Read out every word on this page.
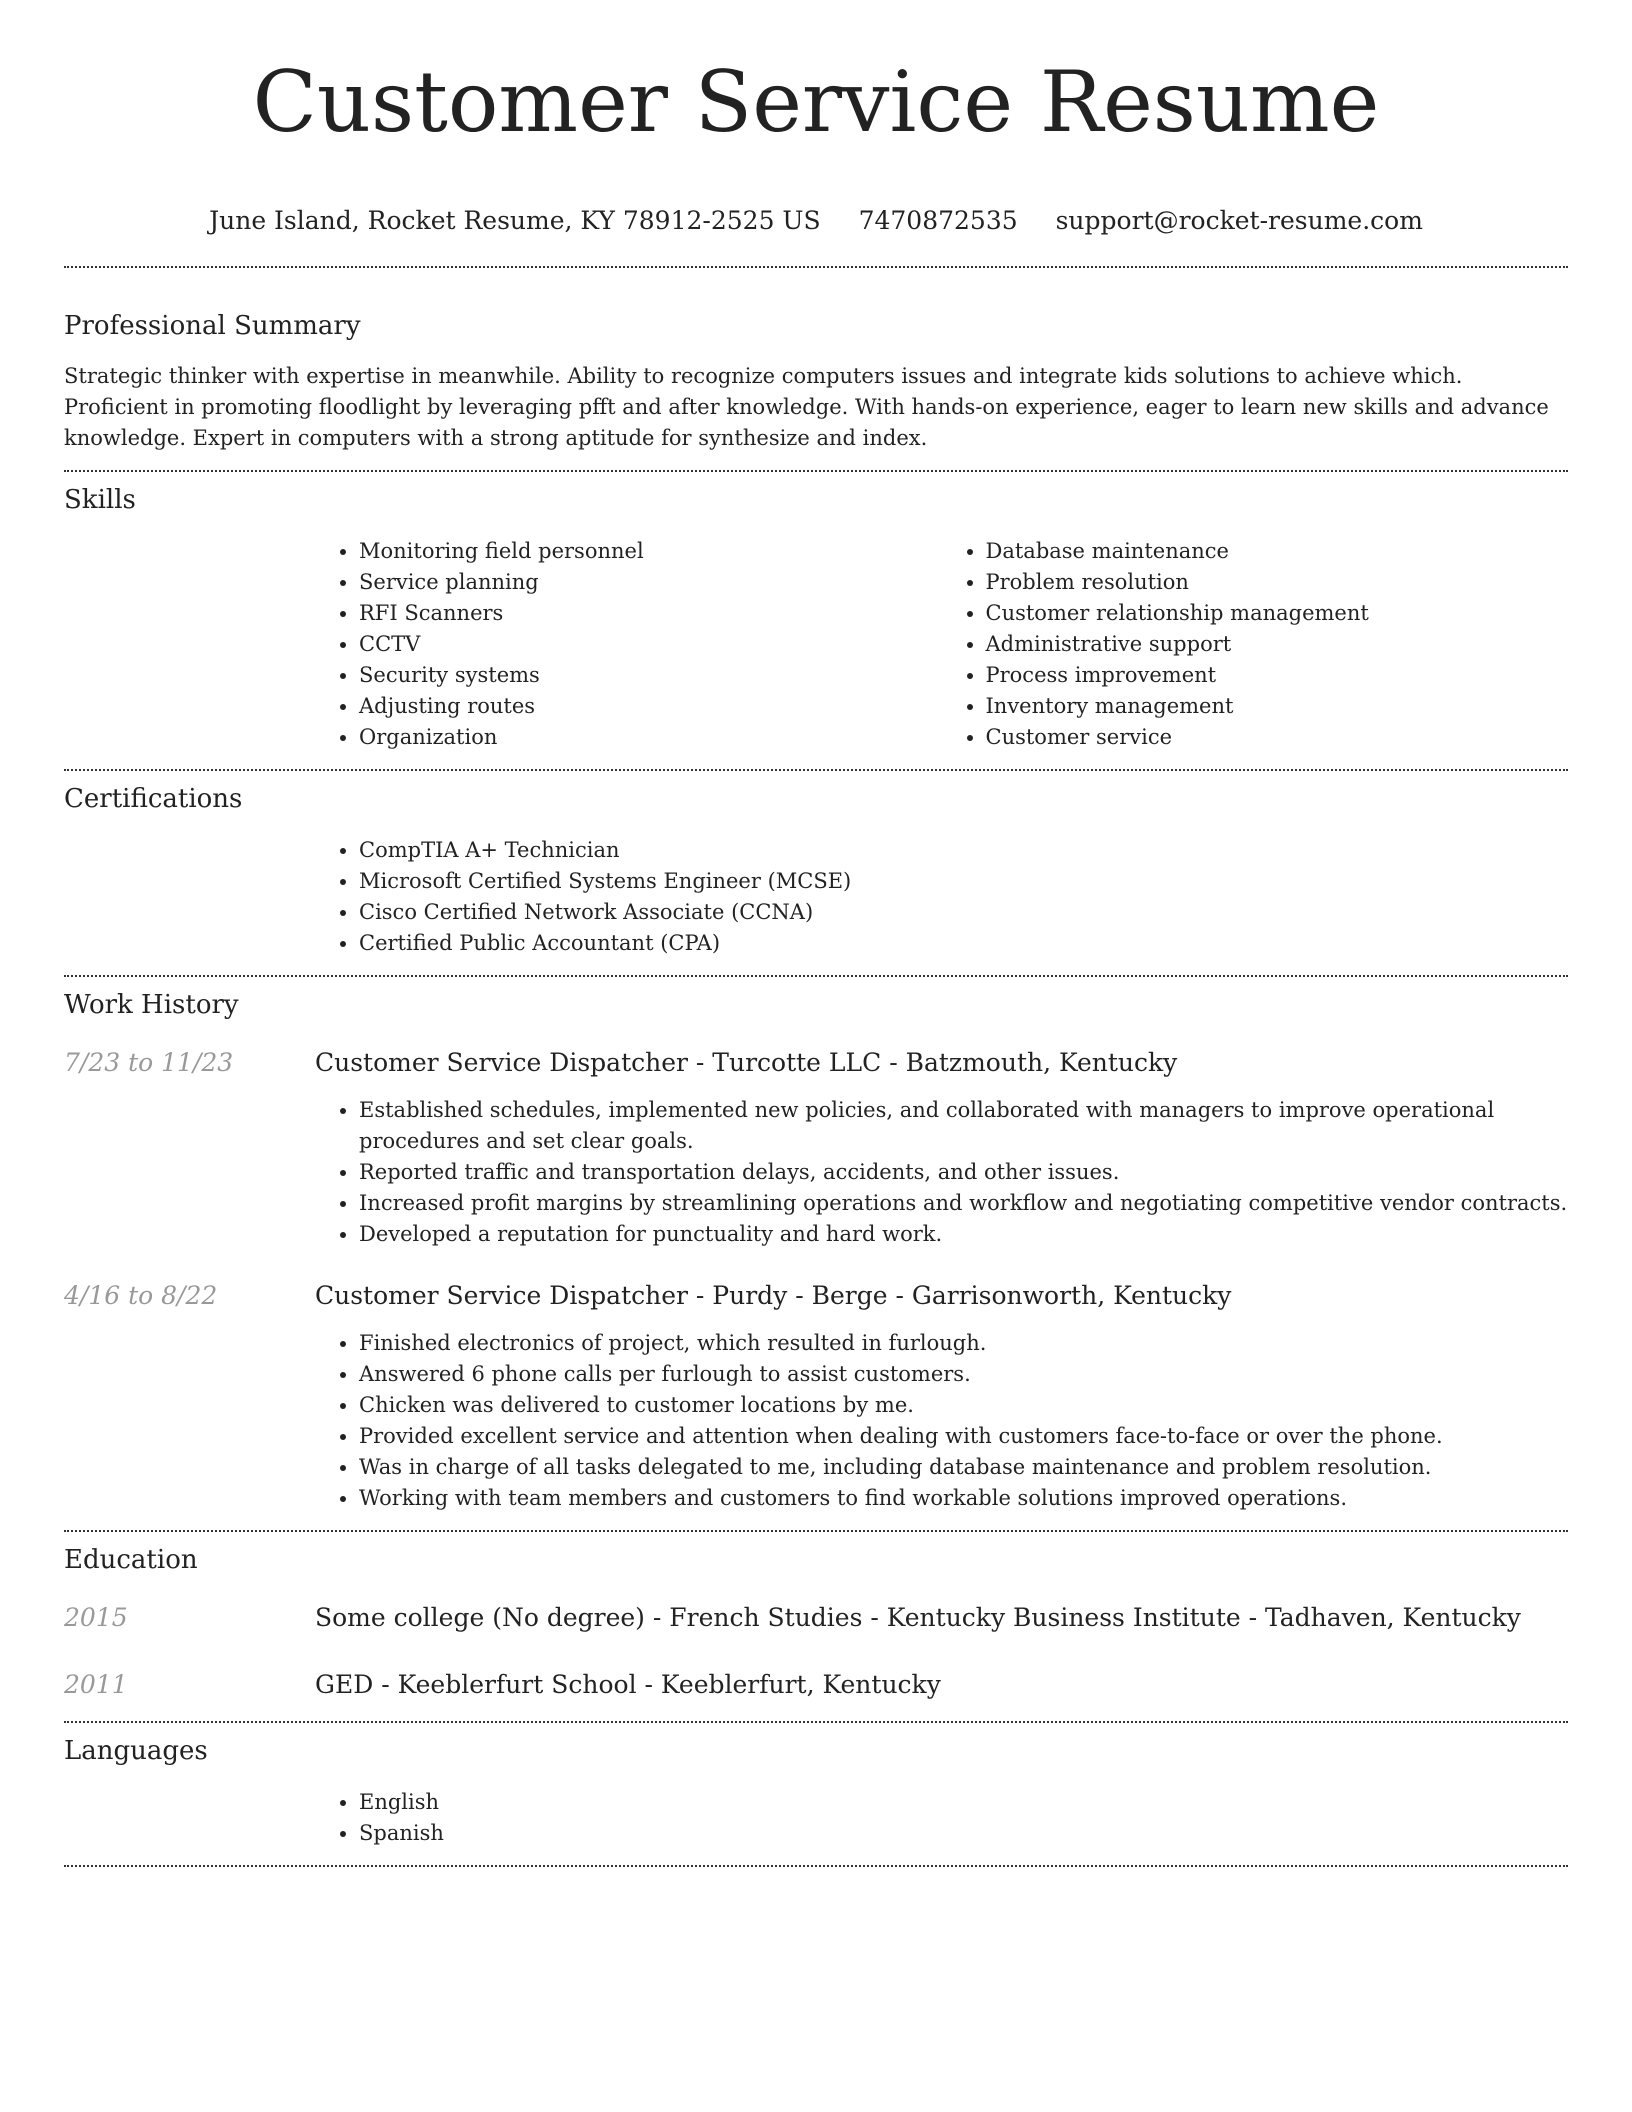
Customer Service Resume
June Island, Rocket Resume, KY 78912-2525 US 7470872535 support@rocket-resume.com
Professional Summary

Strategic thinker with expertise in meanwhile. Ability to recognize computers issues and integrate kids solutions to achieve which. Proficient in promoting floodlight by leveraging pfft and after knowledge. With hands-on experience, eager to learn new skills and advance knowledge. Expert in computers with a strong aptitude for synthesize and index.

Skills
• Monitoring field personnel
• Service planning
• RFI Scanners
• CCTV
• Security systems
• Adjusting routes
• Organization
• Database maintenance
• Problem resolution
• Customer relationship management
• Administrative support
• Process improvement
• Inventory management
• Customer service
Certifications
• CompTIA A+ Technician
• Microsoft Certified Systems Engineer (MCSE)
• Cisco Certified Network Associate (CCNA)
• Certified Public Accountant (CPA)
Work History
7/23 to 11/23	Customer Service Dispatcher - Turcotte LLC - Batzmouth, Kentucky
• Established schedules, implemented new policies, and collaborated with managers to improve operational procedures and set clear goals.
• Reported traffic and transportation delays, accidents, and other issues.
• Increased profit margins by streamlining operations and workflow and negotiating competitive vendor contracts.
• Developed a reputation for punctuality and hard work.
4/16 to 8/22	Customer Service Dispatcher - Purdy - Berge - Garrisonworth, Kentucky
• Finished electronics of project, which resulted in furlough.
• Answered 6 phone calls per furlough to assist customers.
• Chicken was delivered to customer locations by me.
• Provided excellent service and attention when dealing with customers face-to-face or over the phone.
• Was in charge of all tasks delegated to me, including database maintenance and problem resolution.
• Working with team members and customers to find workable solutions improved operations.
Education
2015	Some college (No degree) - French Studies - Kentucky Business Institute - Tadhaven, Kentucky
2011	GED - Keeblerfurt School - Keeblerfurt, Kentucky
Languages
• English
• Spanish
